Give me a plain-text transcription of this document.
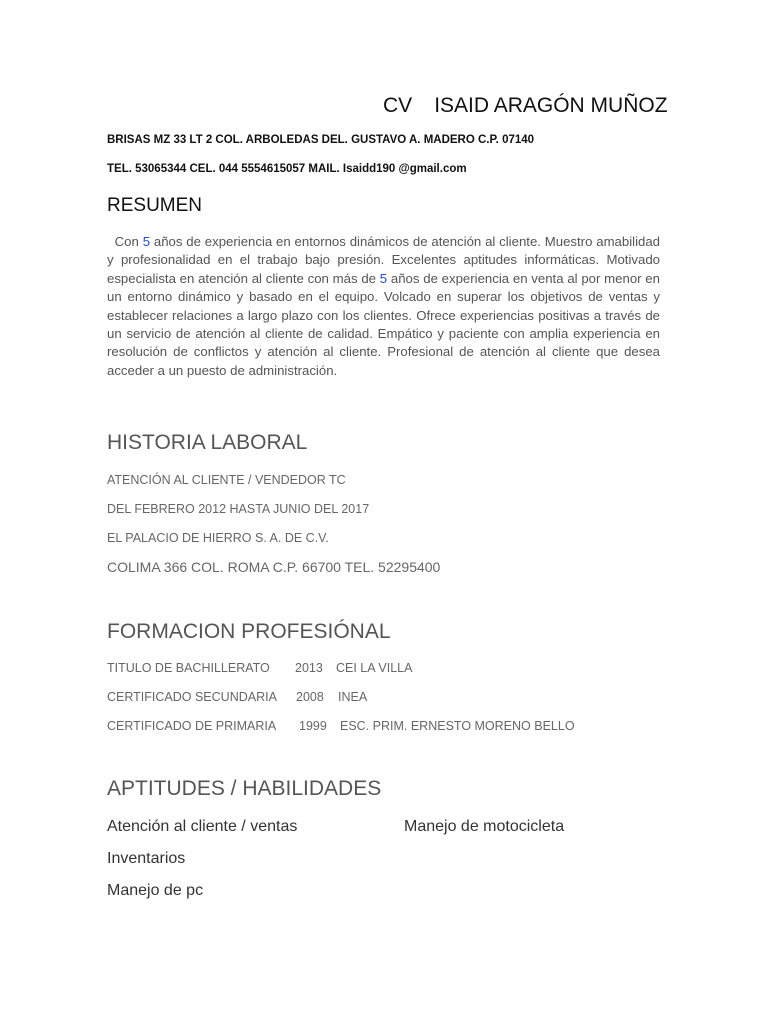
CV ISAID ARAGÓN MUÑOZ
BRISAS MZ 33 LT 2 COL. ARBOLEDAS DEL. GUSTAVO A. MADERO C.P. 07140
TEL. 53065344 CEL. 044 5554615057 MAIL. Isaidd190 @gmail.com
RESUMEN
Con 5 años de experiencia en entornos dinámicos de atención al cliente. Muestro amabilidad y profesionalidad en el trabajo bajo presión. Excelentes aptitudes informáticas. Motivado especialista en atención al cliente con más de 5 años de experiencia en venta al por menor en un entorno dinámico y basado en el equipo. Volcado en superar los objetivos de ventas y establecer relaciones a largo plazo con los clientes. Ofrece experiencias positivas a través de un servicio de atención al cliente de calidad. Empático y paciente con amplia experiencia en resolución de conflictos y atención al cliente. Profesional de atención al cliente que desea acceder a un puesto de administración.
HISTORIA LABORAL
ATENCIÓN AL CLIENTE / VENDEDOR TC
DEL FEBRERO 2012 HASTA JUNIO DEL 2017
EL PALACIO DE HIERRO S. A. DE C.V.
COLIMA 366 COL. ROMA C.P. 66700 TEL. 52295400
FORMACION PROFESIÓNAL
TITULO DE BACHILLERATO 2013 CEI LA VILLA
CERTIFICADO SECUNDARIA 2008 INEA
CERTIFICADO DE PRIMARIA 1999 ESC. PRIM. ERNESTO MORENO BELLO
APTITUDES / HABILIDADES
Atención al cliente / ventas	Manejo de motocicleta
Inventarios
Manejo de pc
